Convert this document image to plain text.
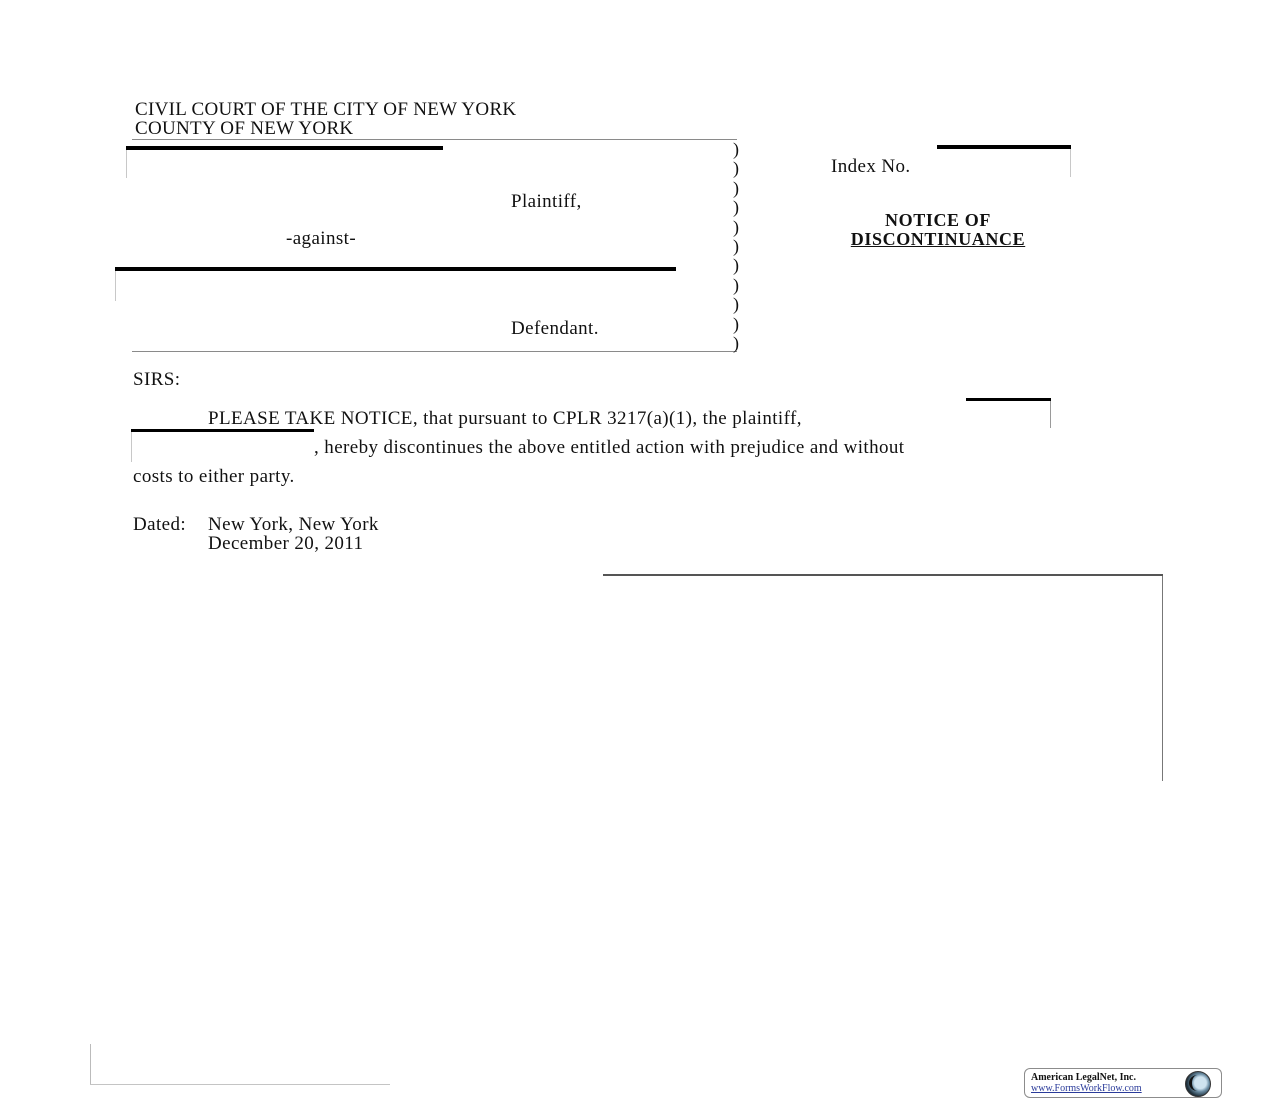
CIVIL COURT OF THE CITY OF NEW YORK
COUNTY OF NEW YORK
Plaintiff,
-against-
Defendant.
)
)
)
)
)
)
)
)
)
)
)
Index No.
NOTICE OF
DISCONTINUANCE
SIRS:
PLEASE TAKE NOTICE, that pursuant to CPLR 3217(a)(1), the plaintiff,
, hereby discontinues the above entitled action with prejudice and without
costs to either party.
Dated: New York, New York
December 20, 2011
American LegalNet, Inc.
www.FormsWorkFlow.com
